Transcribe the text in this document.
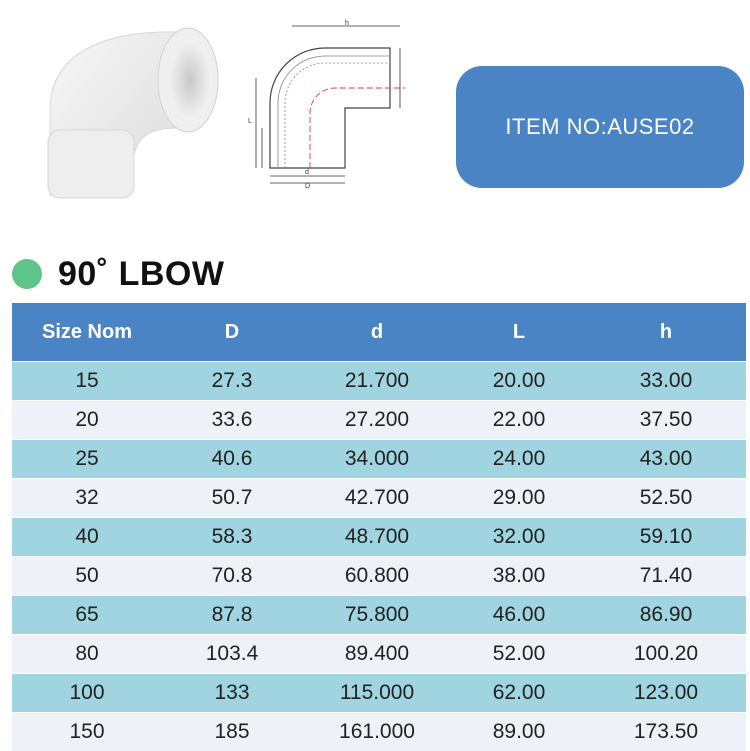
h
L
d
D
ITEM NO:AUSE02
90˚ LBOW
Size Nom	D	d	L	h
15	27.3	21.700	20.00	33.00
20	33.6	27.200	22.00	37.50
25	40.6	34.000	24.00	43.00
32	50.7	42.700	29.00	52.50
40	58.3	48.700	32.00	59.10
50	70.8	60.800	38.00	71.40
65	87.8	75.800	46.00	86.90
80	103.4	89.400	52.00	100.20
100	133	115.000	62.00	123.00
150	185	161.000	89.00	173.50
